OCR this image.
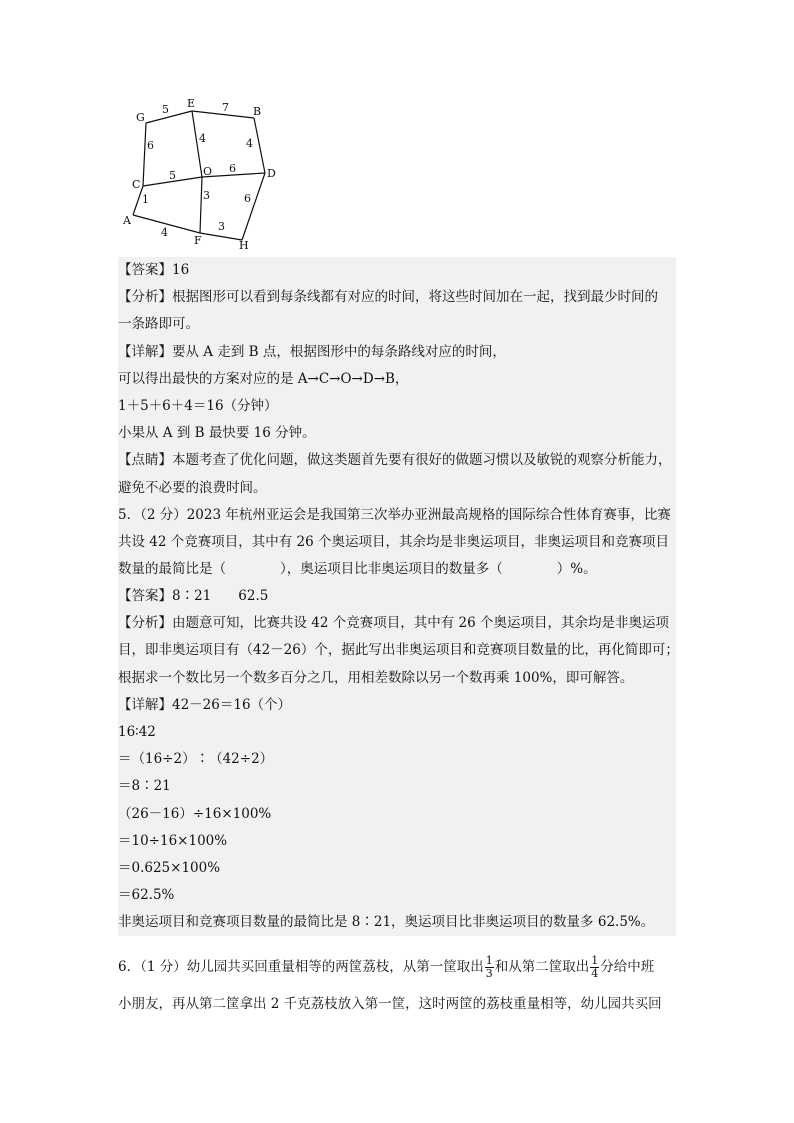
G
E
B
C
O	D
A
F	H
5	7
6
4	4
5
6
1	3	6
4	3
【答案】16
【分析】根据图形可以看到每条线都有对应的时间，将这些时间加在一起，找到最少时间的
一条路即可。
【详解】要从 A 走到 B 点，根据图形中的每条路线对应的时间，
可以得出最快的方案对应的是 A→C→O→D→B，
1＋5＋6＋4＝16（分钟）
小果从 A 到 B 最快要 16 分钟。
【点睛】本题考查了优化问题，做这类题首先要有很好的做题习惯以及敏锐的观察分析能力，
避免不必要的浪费时间。
5．（2 分）2023 年杭州亚运会是我国第三次举办亚洲最高规格的国际综合性体育赛事，比赛
共设 42 个竞赛项目，其中有 26 个奥运项目，其余均是非奥运项目，非奥运项目和竞赛项目
数量的最简比是（　　　　），奥运项目比非奥运项目的数量多（　　　　）%。
【答案】8∶21　　62.5
【分析】由题意可知，比赛共设 42 个竞赛项目，其中有 26 个奥运项目，其余均是非奥运项
目，即非奥运项目有（42－26）个，据此写出非奥运项目和竞赛项目数量的比，再化简即可；
根据求一个数比另一个数多百分之几，用相差数除以另一个数再乘 100%，即可解答。
【详解】42－26＝16（个）
16∶42
＝（16÷2）∶（42÷2）
＝8∶21
（26－16）÷16×100%
＝10÷16×100%
＝0.625×100%
＝62.5%
非奥运项目和竞赛项目数量的最简比是 8∶21，奥运项目比非奥运项目的数量多 62.5%。
6．（1 分）幼儿园共买回重量相等的两筐荔枝，从第一筐取出 $\frac{1}{3}$ 和从第二筐取出 $\frac{1}{4}$ 分给中班
小朋友，再从第二筐拿出 2 千克荔枝放入第一筐，这时两筐的荔枝重量相等，幼儿园共买回
